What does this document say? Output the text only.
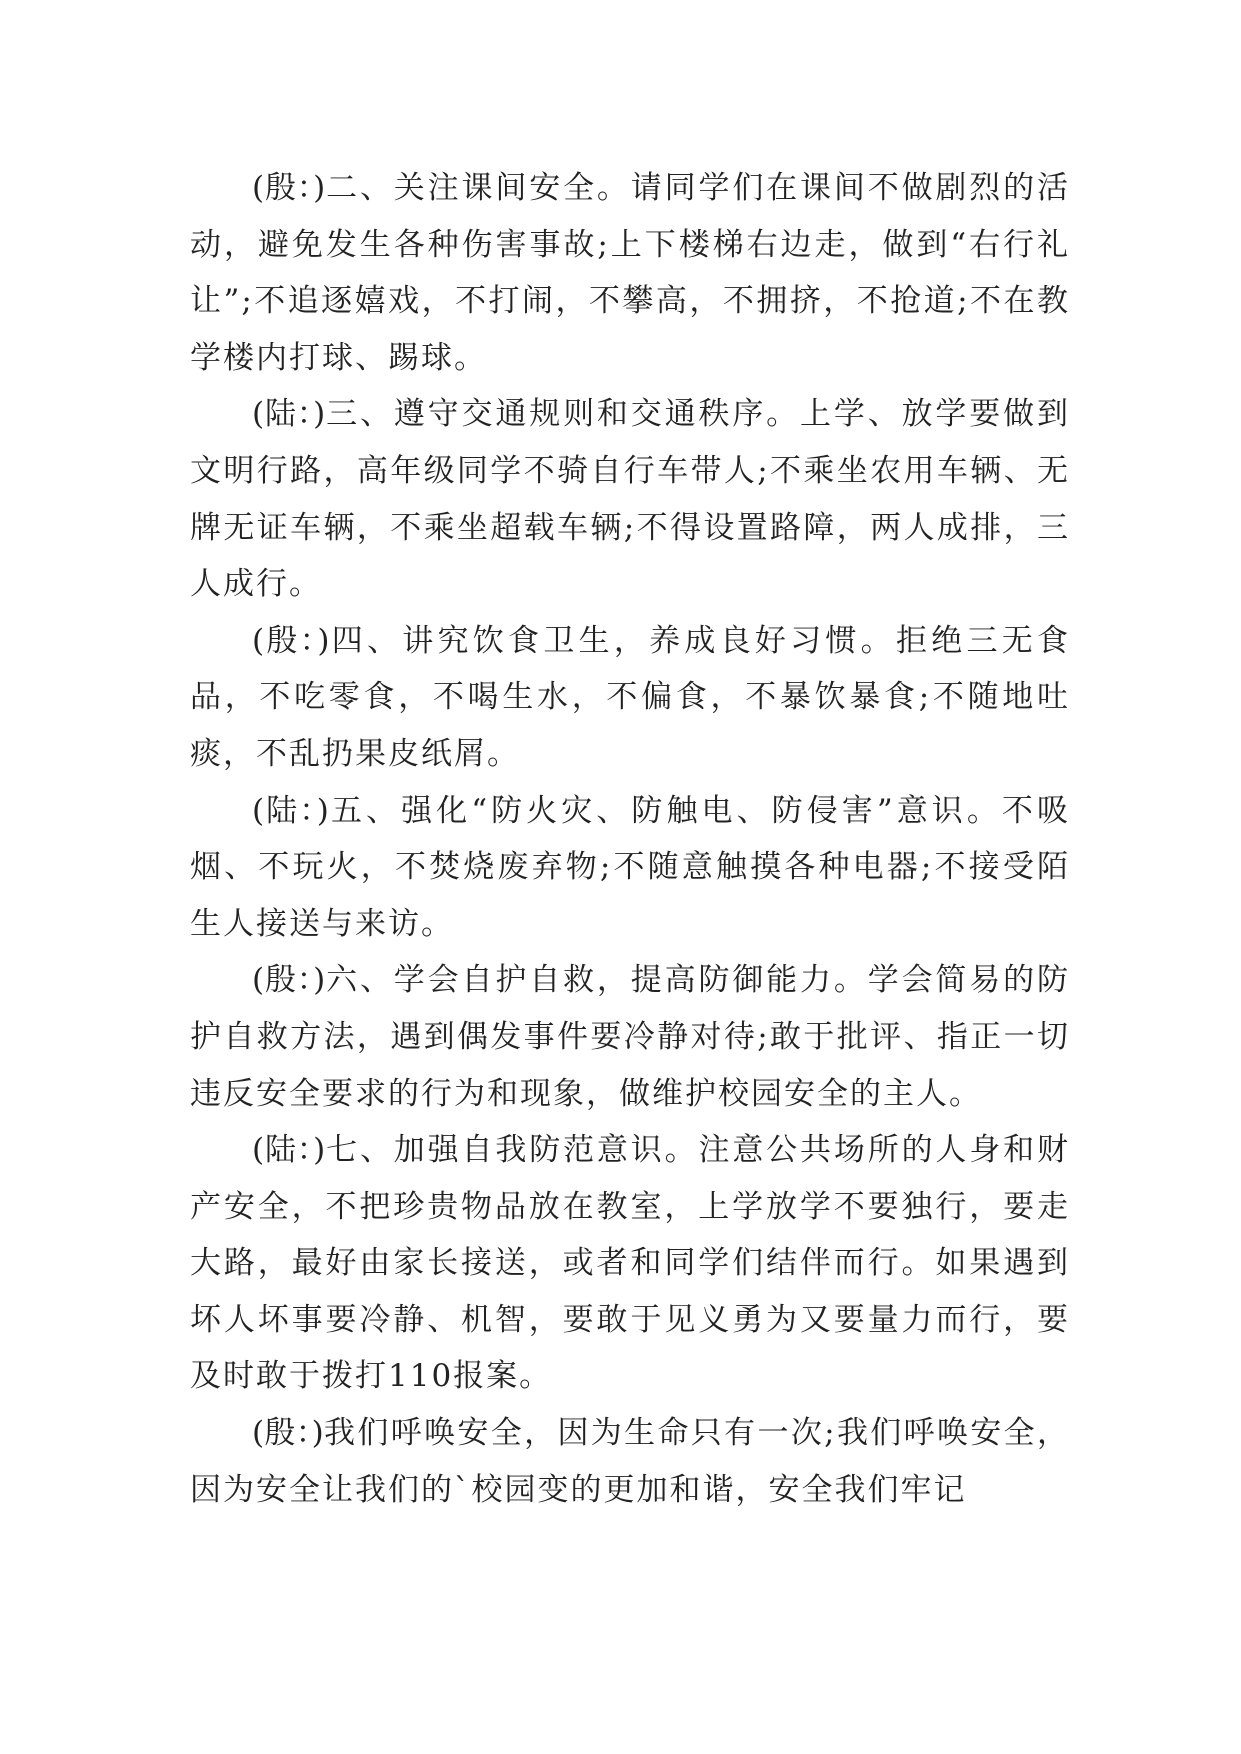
(殷：)二、关注课间安全。请同学们在课间不做剧烈的活动，避免发生各种伤害事故;上下楼梯右边走，做到“右行礼让”;不追逐嬉戏，不打闹，不攀高，不拥挤，不抢道;不在教学楼内打球、踢球。

(陆：)三、遵守交通规则和交通秩序。上学、放学要做到文明行路，高年级同学不骑自行车带人;不乘坐农用车辆、无牌无证车辆，不乘坐超载车辆;不得设置路障，两人成排，三人成行。

(殷：)四、讲究饮食卫生，养成良好习惯。拒绝三无食品，不吃零食，不喝生水，不偏食，不暴饮暴食;不随地吐痰，不乱扔果皮纸屑。

(陆：)五、强化“防火灾、防触电、防侵害”意识。不吸烟、不玩火，不焚烧废弃物;不随意触摸各种电器;不接受陌生人接送与来访。

(殷：)六、学会自护自救，提高防御能力。学会简易的防护自救方法，遇到偶发事件要冷静对待;敢于批评、指正一切违反安全要求的行为和现象，做维护校园安全的主人。

(陆：)七、加强自我防范意识。注意公共场所的人身和财产安全，不把珍贵物品放在教室，上学放学不要独行，要走大路，最好由家长接送，或者和同学们结伴而行。如果遇到坏人坏事要冷静、机智，要敢于见义勇为又要量力而行，要及时敢于拨打110报案。

(殷：)我们呼唤安全，因为生命只有一次;我们呼唤安全，因为安全让我们的`校园变的更加和谐，安全我们牢记
